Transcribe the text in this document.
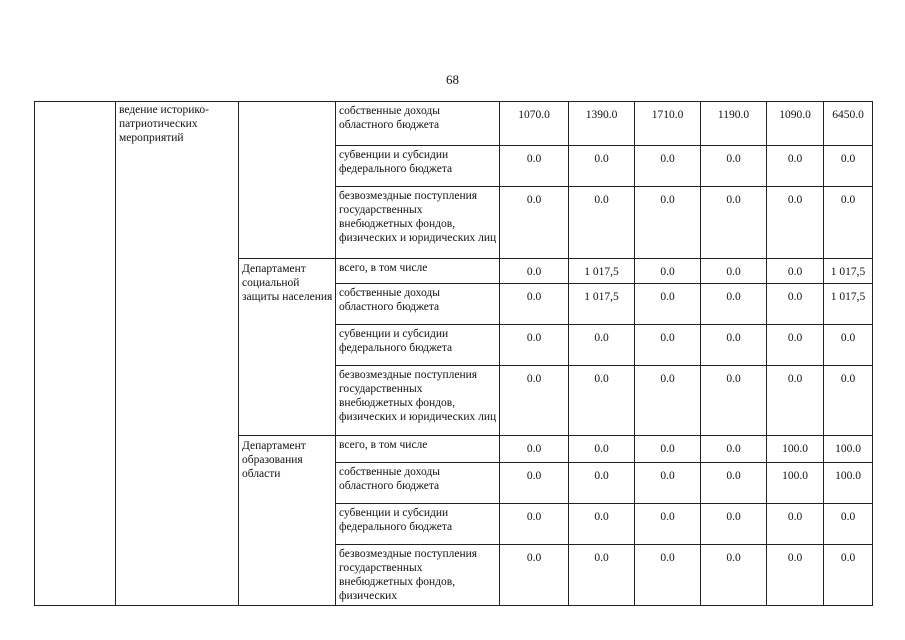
68
	ведение историко-патриотических мероприятий		собственные доходы областного бюджета	1070.0	1390.0	1710.0	1190.0	1090.0	6450.0
			субвенции и субсидии федерального бюджета	0.0	0.0	0.0	0.0	0.0	0.0
			безвозмездные поступления государственных внебюджетных фондов, физических и юридических лиц	0.0	0.0	0.0	0.0	0.0	0.0
		Департамент социальной защиты населения	всего, в том числе	0.0	1 017,5	0.0	0.0	0.0	1 017,5
			собственные доходы областного бюджета	0.0	1 017,5	0.0	0.0	0.0	1 017,5
			субвенции и субсидии федерального бюджета	0.0	0.0	0.0	0.0	0.0	0.0
			безвозмездные поступления государственных внебюджетных фондов, физических и юридических лиц	0.0	0.0	0.0	0.0	0.0	0.0
		Департамент образования области	всего, в том числе	0.0	0.0	0.0	0.0	100.0	100.0
			собственные доходы областного бюджета	0.0	0.0	0.0	0.0	100.0	100.0
			субвенции и субсидии федерального бюджета	0.0	0.0	0.0	0.0	0.0	0.0
			безвозмездные поступления государственных внебюджетных фондов, физических	0.0	0.0	0.0	0.0	0.0	0.0
